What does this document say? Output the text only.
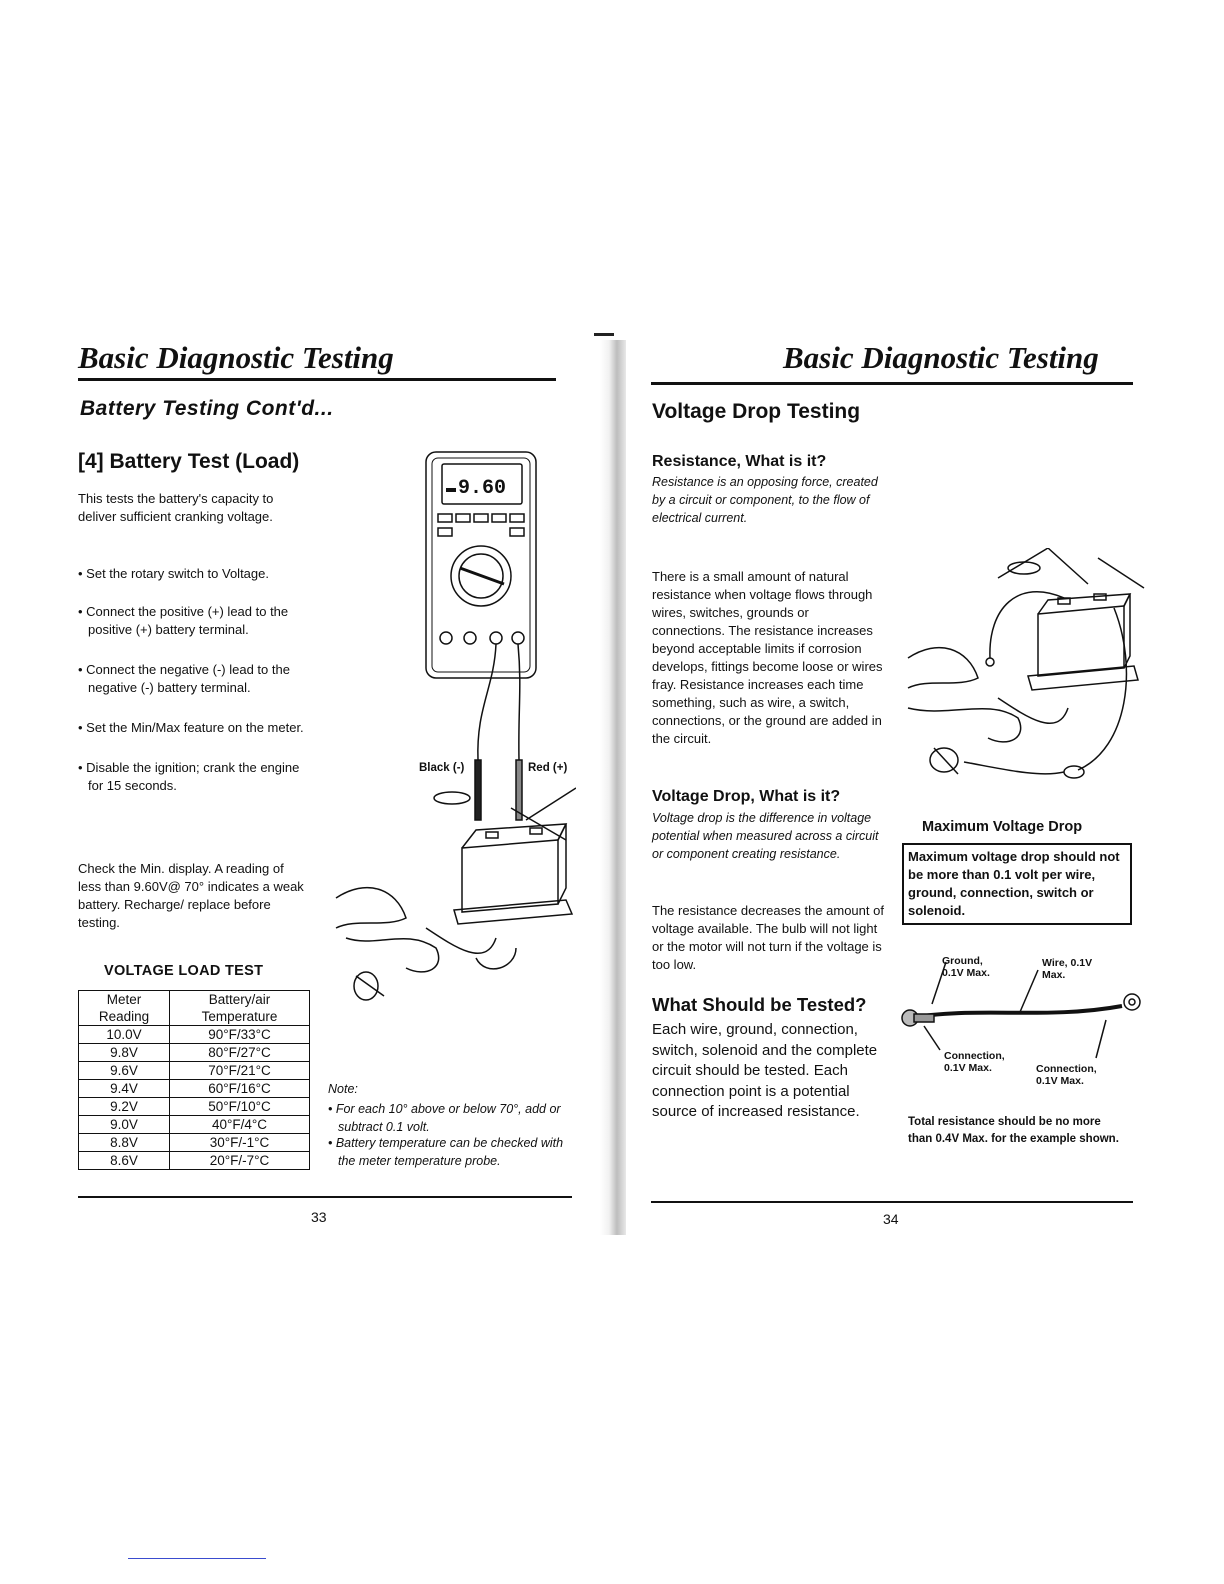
Basic Diagnostic Testing
Battery Testing Cont'd...
[4] Battery Test (Load)
This tests the battery's capacity to deliver sufficient cranking voltage.
• Set the rotary switch to Voltage.
• Connect the positive (+) lead to the positive (+) battery terminal.
• Connect the negative (-) lead to the negative (-) battery terminal.
• Set the Min/Max feature on the meter.
• Disable the ignition; crank the engine for 15 seconds.
Check the Min. display. A reading of less than 9.60V@ 70° indicates a weak battery. Recharge/ replace before testing.
VOLTAGE LOAD TEST
Meter Reading	Battery/air Temperature
10.0V	90°F/33°C
9.8V	80°F/27°C
9.6V	70°F/21°C
9.4V	60°F/16°C
9.2V	50°F/10°C
9.0V	40°F/4°C
8.8V	30°F/-1°C
8.6V	20°F/-7°C
9.60
Black (-)	Red (+)
Note:
• For each 10° above or below 70°, add or subtract 0.1 volt.
• Battery temperature can be checked with the meter temperature probe.
33
Basic Diagnostic Testing
Voltage Drop Testing
Resistance, What is it?
Resistance is an opposing force, created by a circuit or component, to the flow of electrical current.
There is a small amount of natural resistance when voltage flows through wires, switches, grounds or connections. The resistance increases beyond acceptable limits if corrosion develops, fittings become loose or wires fray. Resistance increases each time something, such as wire, a switch, connections, or the ground are added in the circuit.
Voltage Drop, What is it?
Voltage drop is the difference in voltage potential when measured across a circuit or component creating resistance.
The resistance decreases the amount of voltage available. The bulb will not light or the motor will not turn if the voltage is too low.
What Should be Tested?
Each wire, ground, connection, switch, solenoid and the complete circuit should be tested. Each connection point is a potential source of increased resistance.
Maximum Voltage Drop
Maximum voltage drop should not be more than 0.1 volt per wire, ground, connection, switch or solenoid.
Ground,
0.1V Max.
Wire, 0.1V
Max.
Connection,
0.1V Max.	Connection,
0.1V Max.
Total resistance should be no more than 0.4V Max. for the example shown.
34
